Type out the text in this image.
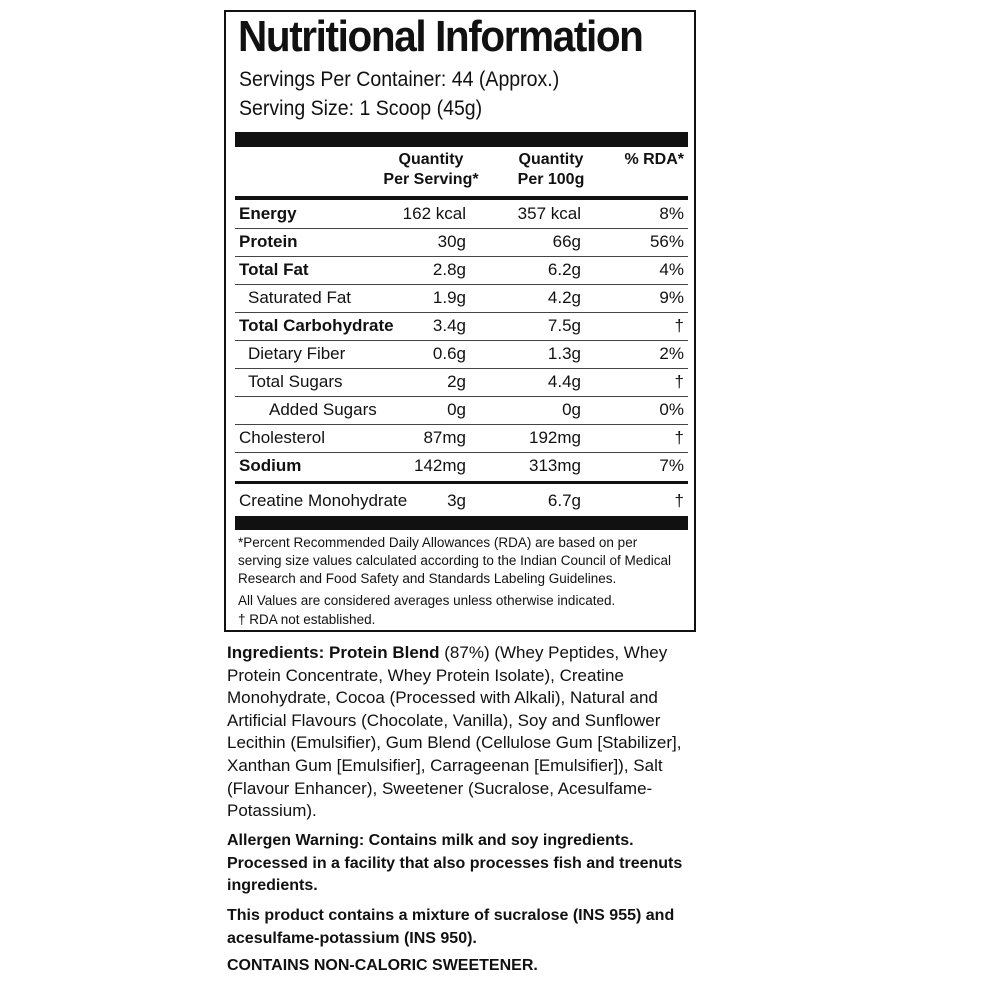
Nutritional Information
Servings Per Container: 44 (Approx.)
Serving Size: 1 Scoop (45g)
Quantity
Per Serving*
Quantity
Per 100g
% RDA*
Energy	162 kcal	357 kcal	8%
Protein	30g	66g	56%
Total Fat	2.8g	6.2g	4%
Saturated Fat	1.9g	4.2g	9%
Total Carbohydrate 3.4g	7.5g	†
Dietary Fiber	0.6g	1.3g	2%
Total Sugars	2g	4.4g	†
Added Sugars	0g	0g	0%
Cholesterol	87mg	192mg	†
Sodium	142mg	313mg	7%
Creatine Monohydrate 3g	6.7g	†
*Percent Recommended Daily Allowances (RDA) are based on per serving size values calculated according to the Indian Council of Medical Research and Food Safety and Standards Labeling Guidelines.
All Values are considered averages unless otherwise indicated.
† RDA not established.
Ingredients: Protein Blend (87%) (Whey Peptides, Whey Protein Concentrate, Whey Protein Isolate), Creatine Monohydrate, Cocoa (Processed with Alkali), Natural and Artificial Flavours (Chocolate, Vanilla), Soy and Sunflower Lecithin (Emulsifier), Gum Blend (Cellulose Gum [Stabilizer], Xanthan Gum [Emulsifier], Carrageenan [Emulsifier]), Salt (Flavour Enhancer), Sweetener (Sucralose, Acesulfame-Potassium).
Allergen Warning: Contains milk and soy ingredients. Processed in a facility that also processes fish and treenuts ingredients.
This product contains a mixture of sucralose (INS 955) and acesulfame-potassium (INS 950).
CONTAINS NON-CALORIC SWEETENER.
